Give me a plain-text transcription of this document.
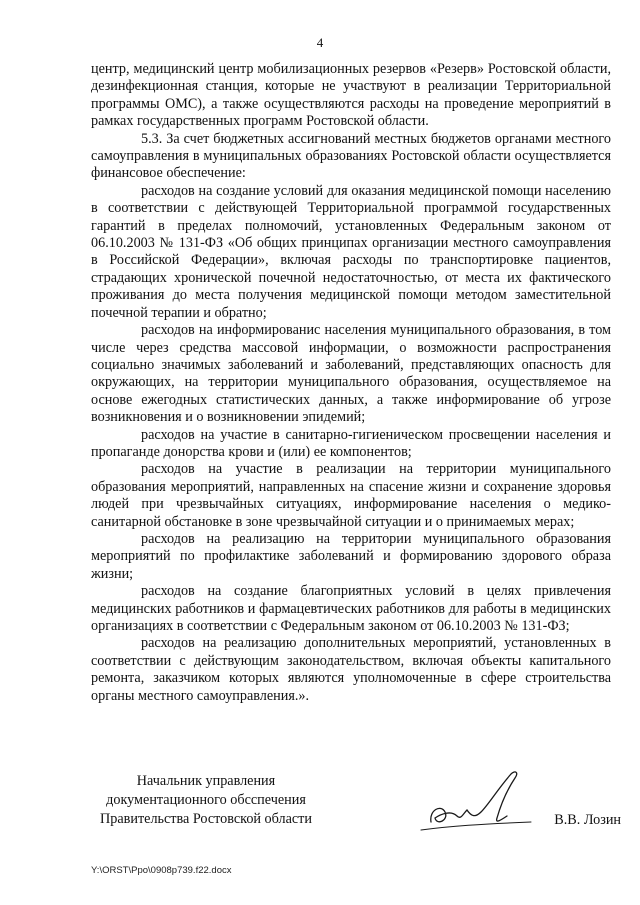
4

центр, медицинский центр мобилизационных резервов «Резерв» Ростовской области, дезинфекционная станция, которые не участвуют в реализации Территориальной программы ОМС), а также осуществляются расходы на проведение мероприятий в рамках государственных программ Ростовской области.

5.3. За счет бюджетных ассигнований местных бюджетов органами местного самоуправления в муниципальных образованиях Ростовской области осуществляется финансовое обеспечение:

расходов на создание условий для оказания медицинской помощи населению в соответствии с действующей Территориальной программой государственных гарантий в пределах полномочий, установленных Федеральным законом от 06.10.2003 № 131-ФЗ «Об общих принципах организации местного самоуправления в Российской Федерации», включая расходы по транспортировке пациентов, страдающих хронической почечной недостаточностью, от места их фактического проживания до места получения медицинской помощи методом заместительной почечной терапии и обратно;

расходов на информированис населения муниципального образования, в том числе через средства массовой информации, о возможности распространения социально значимых заболеваний и заболеваний, представляющих опасность для окружающих, на территории муниципального образования, осуществляемое на основе ежегодных статистических данных, а также информирование об угрозе возникновения и о возникновении эпидемий;

расходов на участие в санитарно-гигиеническом просвещении населения и пропаганде донорства крови и (или) ее компонентов;

расходов на участие в реализации на территории муниципального образования мероприятий, направленных на спасение жизни и сохранение здоровья людей при чрезвычайных ситуациях, информирование населения о медико-санитарной обстановке в зоне чрезвычайной ситуации и о принимаемых мерах;

расходов на реализацию на территории муниципального образования мероприятий по профилактике заболеваний и формированию здорового образа жизни;

расходов на создание благоприятных условий в целях привлечения медицинских работников и фармацевтических работников для работы в медицинских организациях в соответствии с Федеральным законом от 06.10.2003 № 131-ФЗ;

расходов на реализацию дополнительных мероприятий, установленных в соответствии с действующим законодательством, включая объекты капитального ремонта, заказчиком которых являются уполномоченные в сфере строительства органы местного самоуправления.».

Начальник управления
документационного обсспечения
Правительства Ростовской области	В.В. Лозин
Y:\ORST\Ppo\0908p739.f22.docx
